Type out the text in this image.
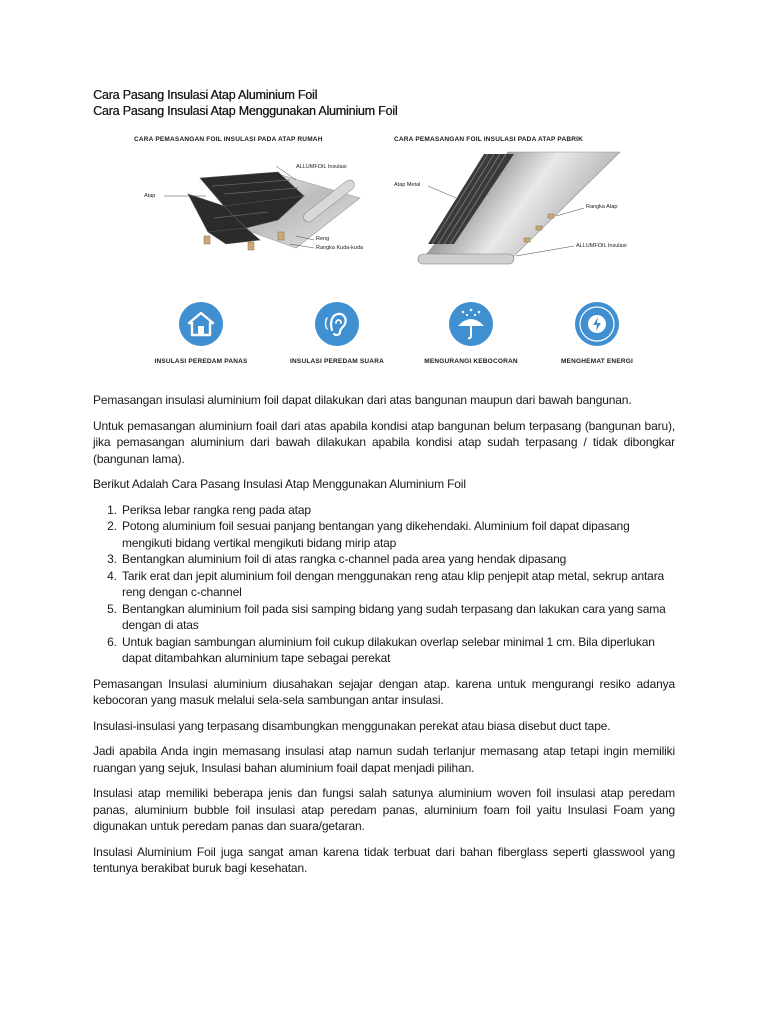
Cara Pasang Insulasi Atap Aluminium Foil
Cara Pasang Insulasi Atap Menggunakan Aluminium Foil
CARA PEMASANGAN FOIL INSULASI PADA ATAP RUMAH
ALLUMFOIL Insulasi
Atap
Reng
Rangka Kuda-kuda
CARA PEMASANGAN FOIL INSULASI PADA ATAP PABRIK
Atap Metal
Rangka Atap
ALLUMFOIL Insulasi
INSULASI PEREDAM PANAS	INSULASI PEREDAM SUARA	MENGURANGI KEBOCORAN	MENGHEMAT ENERGI

Pemasangan insulasi aluminium foil dapat dilakukan dari atas bangunan maupun dari bawah bangunan.

Untuk pemasangan aluminium foail dari atas apabila kondisi atap bangunan belum terpasang (bangunan baru), jika pemasangan aluminium dari bawah dilakukan apabila kondisi atap sudah terpasang / tidak dibongkar (bangunan lama).

Berikut Adalah Cara Pasang Insulasi Atap Menggunakan Aluminium Foil

1. Periksa lebar rangka reng pada atap
2. Potong aluminium foil sesuai panjang bentangan yang dikehendaki. Aluminium foil dapat dipasang mengikuti bidang vertikal mengikuti bidang mirip atap
3. Bentangkan aluminium foil di atas rangka c-channel pada area yang hendak dipasang
4. Tarik erat dan jepit aluminium foil dengan menggunakan reng atau klip penjepit atap metal, sekrup antara reng dengan c-channel
5. Bentangkan aluminium foil pada sisi samping bidang yang sudah terpasang dan lakukan cara yang sama dengan di atas
6. Untuk bagian sambungan aluminium foil cukup dilakukan overlap selebar minimal 1 cm. Bila diperlukan dapat ditambahkan aluminium tape sebagai perekat

Pemasangan Insulasi aluminium diusahakan sejajar dengan atap. karena untuk mengurangi resiko adanya kebocoran yang masuk melalui sela-sela sambungan antar insulasi.

Insulasi-insulasi yang terpasang disambungkan menggunakan perekat atau biasa disebut duct tape.

Jadi apabila Anda ingin memasang insulasi atap namun sudah terlanjur memasang atap tetapi ingin memiliki ruangan yang sejuk, Insulasi bahan aluminium foail dapat menjadi pilihan.

Insulasi atap memiliki beberapa jenis dan fungsi salah satunya aluminium woven foil insulasi atap peredam panas, aluminium bubble foil insulasi atap peredam panas, aluminium foam foil yaitu Insulasi Foam yang digunakan untuk peredam panas dan suara/getaran.

Insulasi Aluminium Foil juga sangat aman karena tidak terbuat dari bahan fiberglass seperti glasswool yang tentunya berakibat buruk bagi kesehatan.
